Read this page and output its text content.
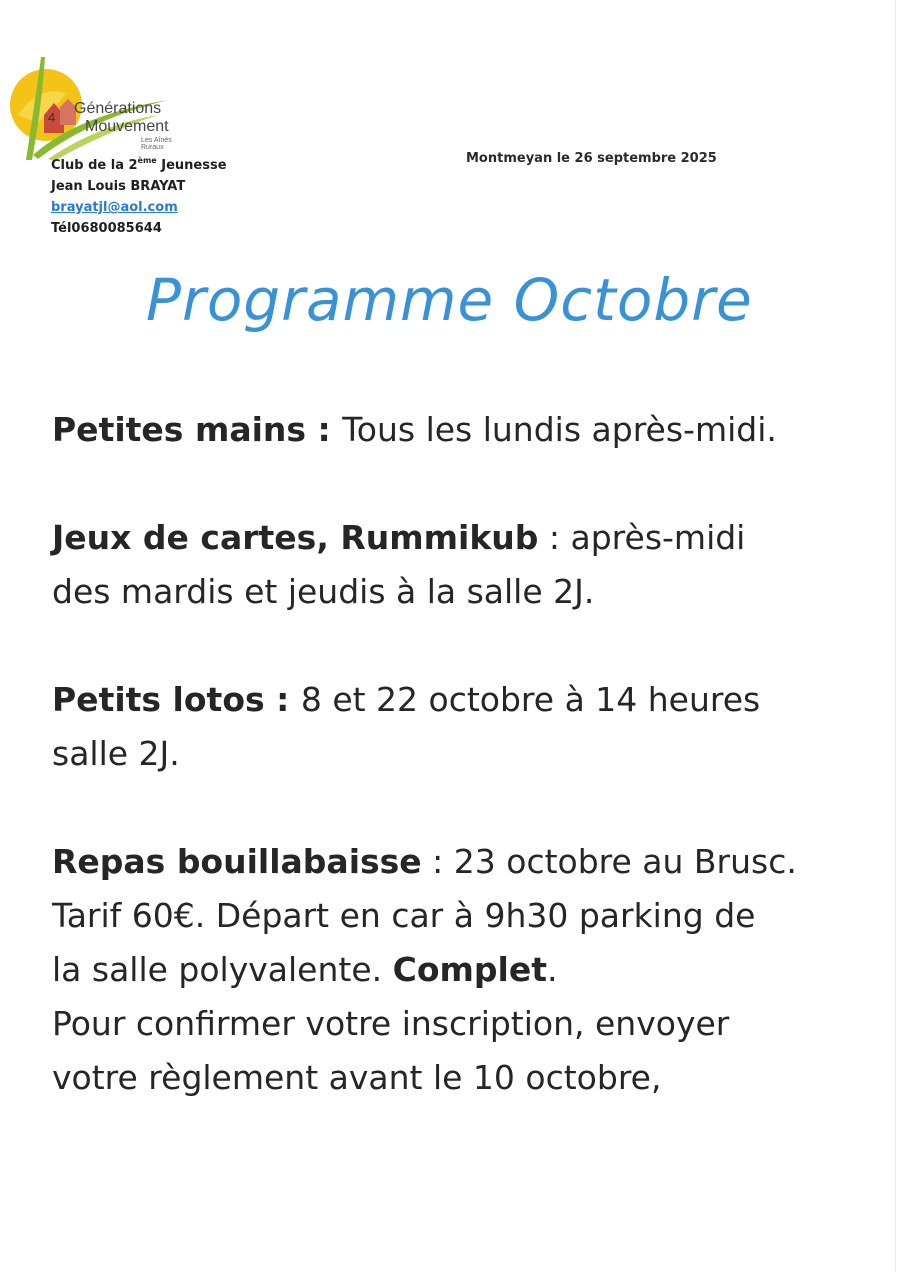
4
Générations
Mouvement
Les Aînés Ruraux
Club de la 2ème Jeunesse
Jean Louis BRAYAT
brayatjl@aol.com
Tél0680085644
Montmeyan le 26 septembre 2025
Programme Octobre
Petites mains : Tous les lundis après-midi.
Jeux de cartes, Rummikub : après-midi
des mardis et jeudis à la salle 2J.
Petits lotos : 8 et 22 octobre à 14 heures
salle 2J.
Repas bouillabaisse : 23 octobre au Brusc.
Tarif 60€. Départ en car à 9h30 parking de
la salle polyvalente. Complet.
Pour confirmer votre inscription, envoyer
votre règlement avant le 10 octobre,
